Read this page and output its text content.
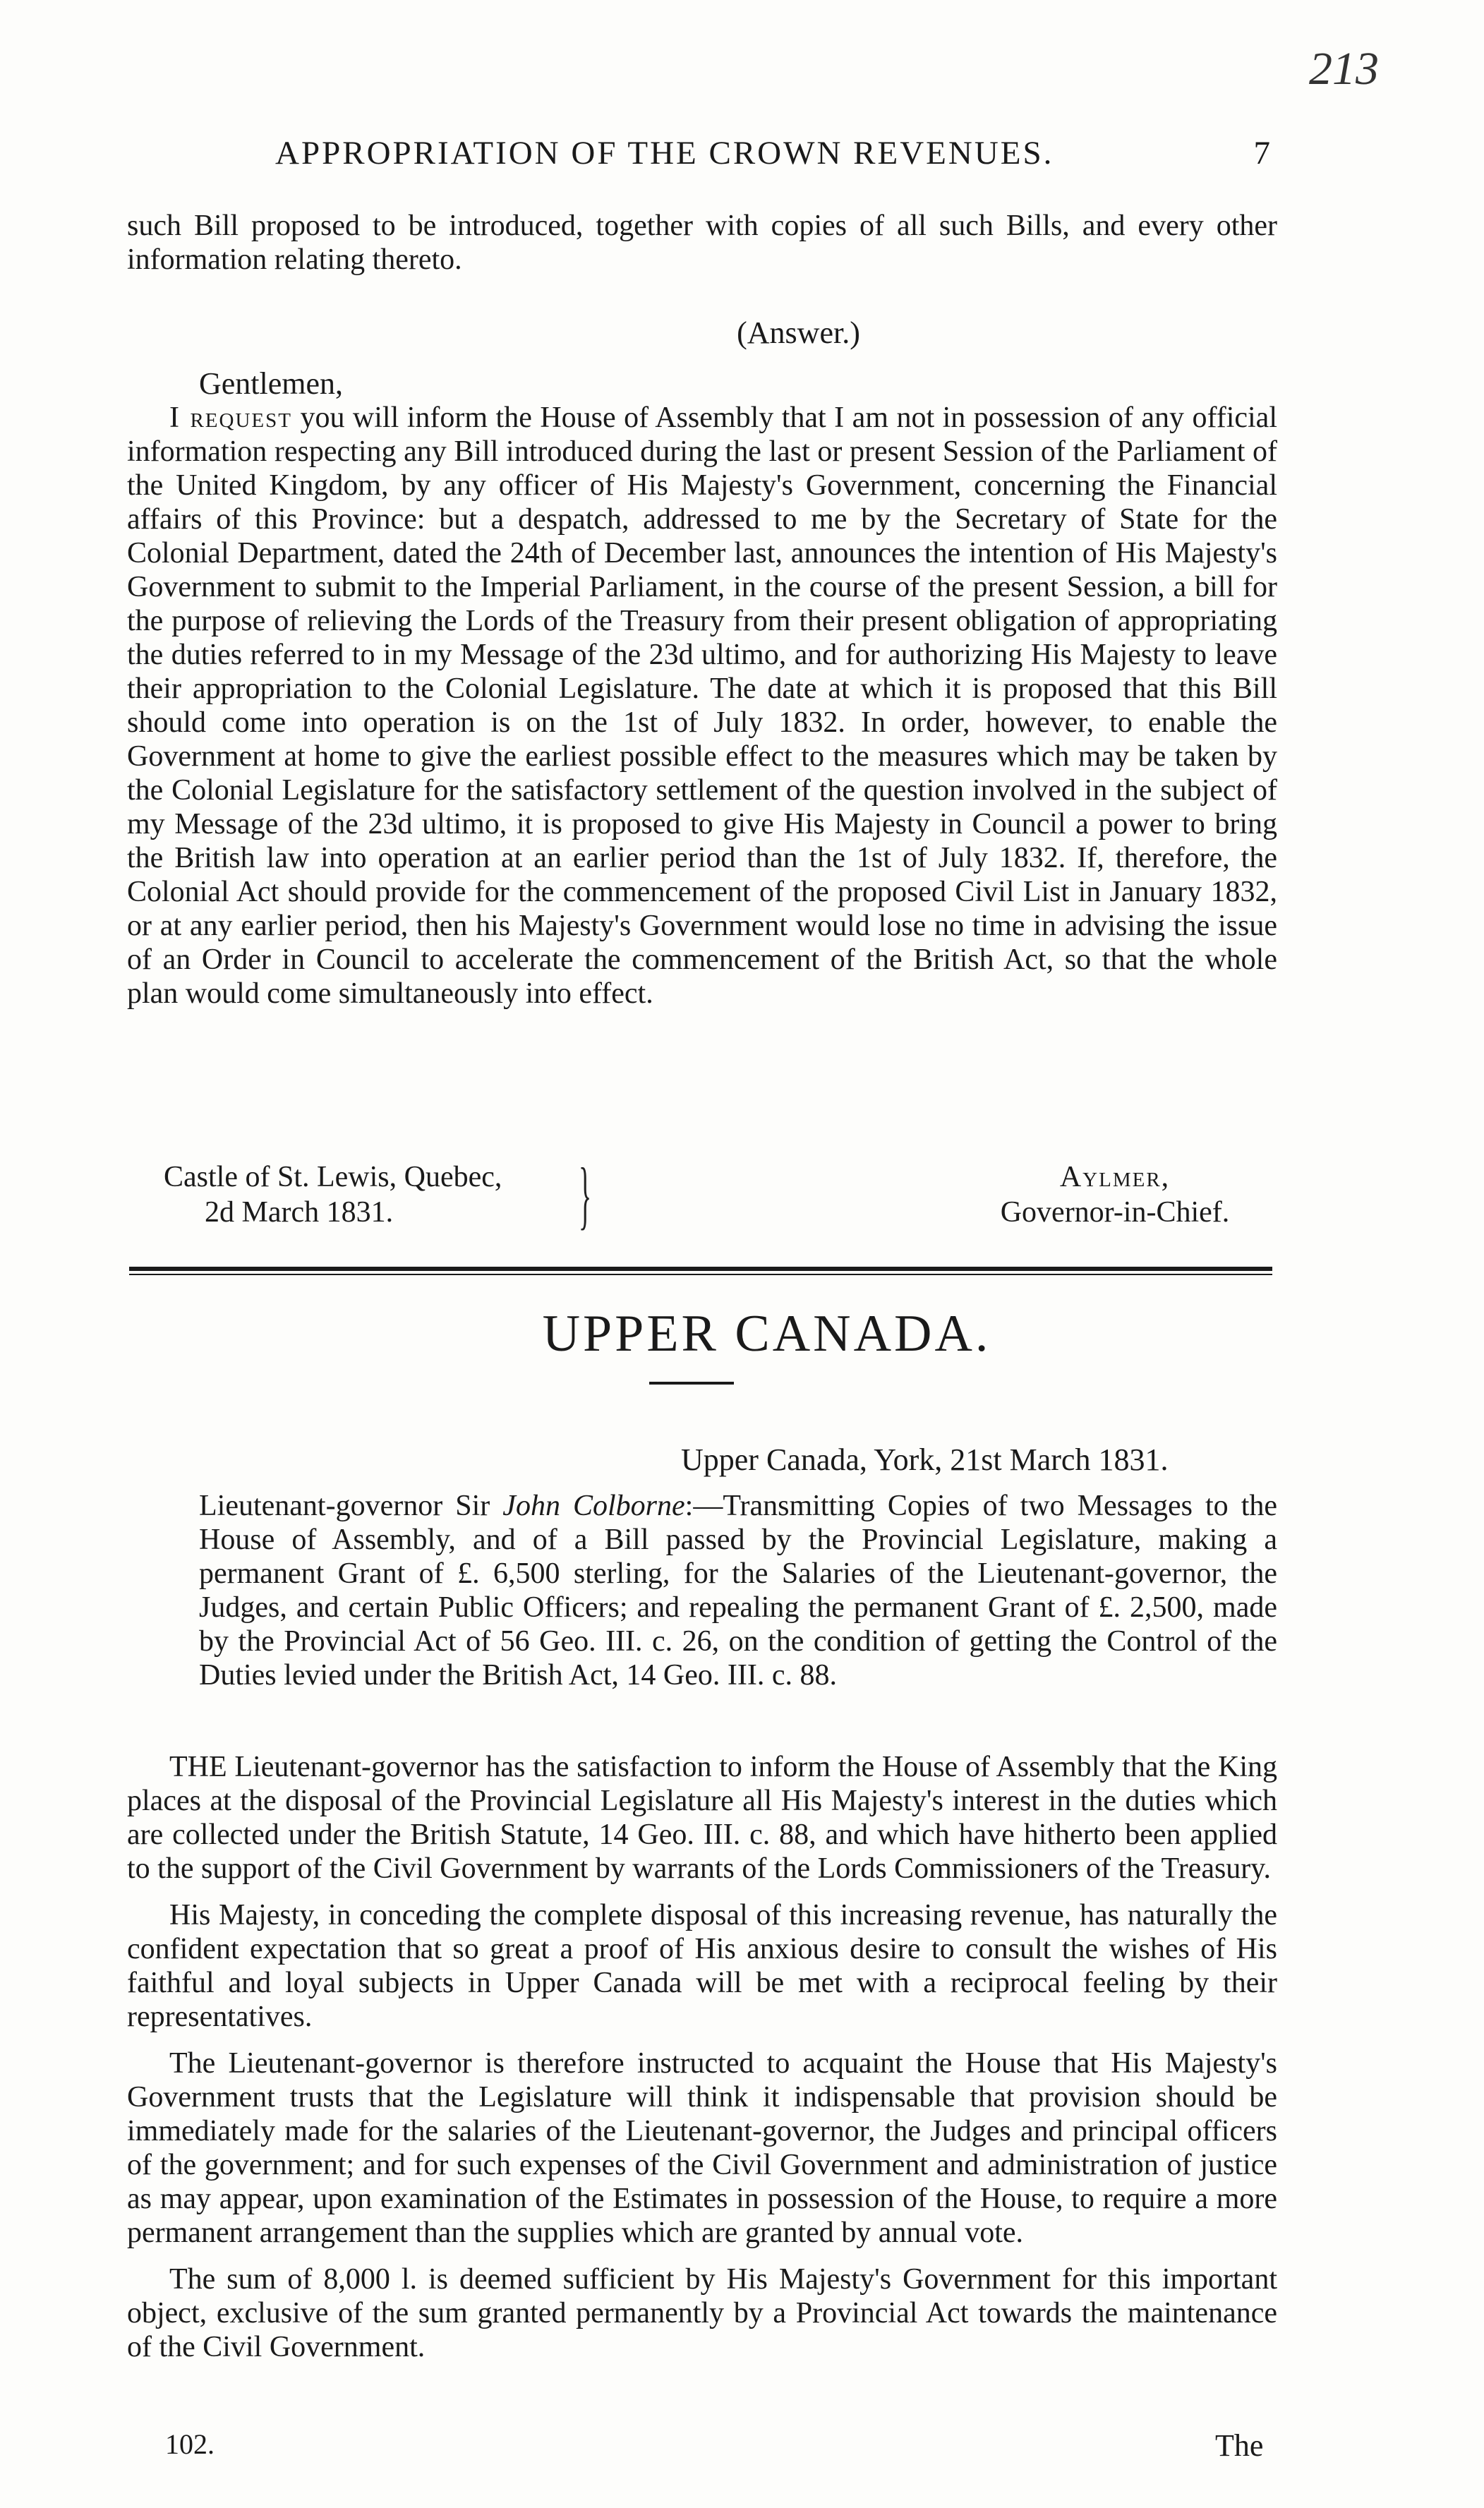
213
APPROPRIATION OF THE CROWN REVENUES.	7

such Bill proposed to be introduced, together with copies of all such Bills, and every other information relating thereto.

(Answer.)
Gentlemen,

I request you will inform the House of Assembly that I am not in possession of any official information respecting any Bill introduced during the last or present Session of the Parliament of the United Kingdom, by any officer of His Majesty's Government, concerning the Financial affairs of this Province: but a despatch, addressed to me by the Secretary of State for the Colonial Department, dated the 24th of December last, announces the intention of His Majesty's Government to submit to the Imperial Parliament, in the course of the present Session, a bill for the purpose of relieving the Lords of the Treasury from their present obligation of appropriating the duties referred to in my Message of the 23d ultimo, and for authorizing His Majesty to leave their appropriation to the Colonial Legislature. The date at which it is proposed that this Bill should come into operation is on the 1st of July 1832. In order, however, to enable the Government at home to give the earliest possible effect to the measures which may be taken by the Colonial Legislature for the satisfactory settlement of the question involved in the subject of my Message of the 23d ultimo, it is proposed to give His Majesty in Council a power to bring the British law into operation at an earlier period than the 1st of July 1832. If, therefore, the Colonial Act should provide for the commencement of the proposed Civil List in January 1832, or at any earlier period, then his Majesty's Government would lose no time in advising the issue of an Order in Council to accelerate the commencement of the British Act, so that the whole plan would come simultaneously into effect.

Castle of St. Lewis, Quebec,
2d March 1831.	}	Aylmer,
Governor-in-Chief.
UPPER CANADA.
Upper Canada, York, 21st March 1831.

Lieutenant-governor Sir John Colborne:—Transmitting Copies of two Messages to the House of Assembly, and of a Bill passed by the Provincial Legislature, making a permanent Grant of £. 6,500 sterling, for the Salaries of the Lieutenant-governor, the Judges, and certain Public Officers; and repealing the permanent Grant of £. 2,500, made by the Provincial Act of 56 Geo. III. c. 26, on the condition of getting the Control of the Duties levied under the British Act, 14 Geo. III. c. 88.

THE Lieutenant-governor has the satisfaction to inform the House of Assembly that the King places at the disposal of the Provincial Legislature all His Majesty's interest in the duties which are collected under the British Statute, 14 Geo. III. c. 88, and which have hitherto been applied to the support of the Civil Government by warrants of the Lords Commissioners of the Treasury.

His Majesty, in conceding the complete disposal of this increasing revenue, has naturally the confident expectation that so great a proof of His anxious desire to consult the wishes of His faithful and loyal subjects in Upper Canada will be met with a reciprocal feeling by their representatives.

The Lieutenant-governor is therefore instructed to acquaint the House that His Majesty's Government trusts that the Legislature will think it indispensable that provision should be immediately made for the salaries of the Lieutenant-governor, the Judges and principal officers of the government; and for such expenses of the Civil Government and administration of justice as may appear, upon examination of the Estimates in possession of the House, to require a more permanent arrangement than the supplies which are granted by annual vote.

The sum of 8,000 l. is deemed sufficient by His Majesty's Government for this important object, exclusive of the sum granted permanently by a Provincial Act towards the maintenance of the Civil Government.

102.	The
